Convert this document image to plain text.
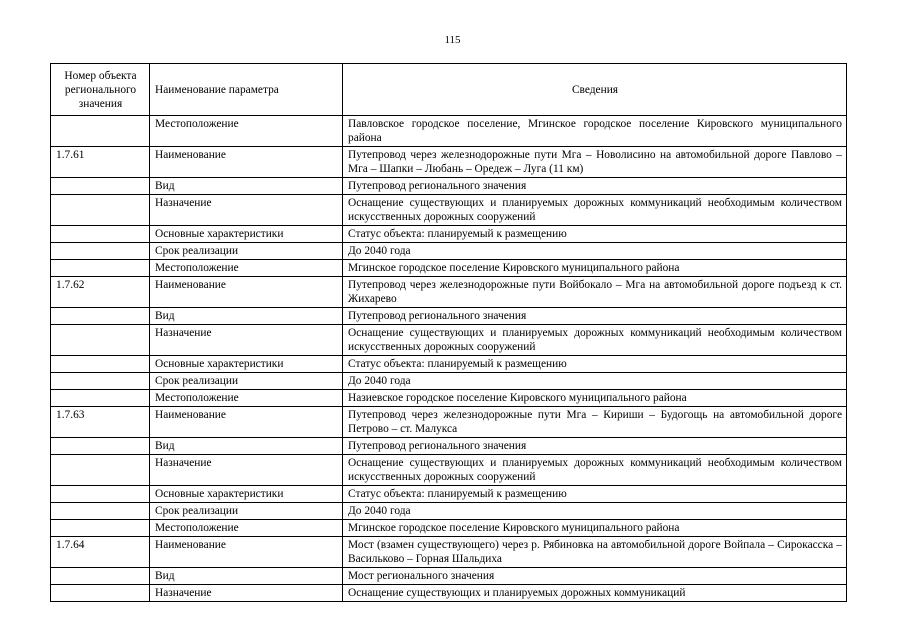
115
Номер объекта регионального значения	Наименование параметра	Сведения
	Местоположение	Павловское городское поселение, Мгинское городское поселение Кировского муниципального района
1.7.61	Наименование	Путепровод через железнодорожные пути Мга – Новолисино на автомобильной дороге Павлово – Мга – Шапки – Любань – Оредеж – Луга (11 км)
	Вид	Путепровод регионального значения
	Назначение	Оснащение существующих и планируемых дорожных коммуникаций необходимым количеством искусственных дорожных сооружений
	Основные характеристики	Статус объекта: планируемый к размещению
	Срок реализации	До 2040 года
	Местоположение	Мгинское городское поселение Кировского муниципального района
1.7.62	Наименование	Путепровод через железнодорожные пути Войбокало – Мга на автомобильной дороге подъезд к ст. Жихарево
	Вид	Путепровод регионального значения
	Назначение	Оснащение существующих и планируемых дорожных коммуникаций необходимым количеством искусственных дорожных сооружений
	Основные характеристики	Статус объекта: планируемый к размещению
	Срок реализации	До 2040 года
	Местоположение	Назиевское городское поселение Кировского муниципального района
1.7.63	Наименование	Путепровод через железнодорожные пути Мга – Кириши – Будогощь на автомобильной дороге Петрово – ст. Малукса
	Вид	Путепровод регионального значения
	Назначение	Оснащение существующих и планируемых дорожных коммуникаций необходимым количеством искусственных дорожных сооружений
	Основные характеристики	Статус объекта: планируемый к размещению
	Срок реализации	До 2040 года
	Местоположение	Мгинское городское поселение Кировского муниципального района
1.7.64	Наименование	Мост (взамен существующего) через р. Рябиновка на автомобильной дороге Войпала – Сирокасска – Васильково – Горная Шальдиха
	Вид	Мост регионального значения
	Назначение	Оснащение существующих и планируемых дорожных коммуникаций
